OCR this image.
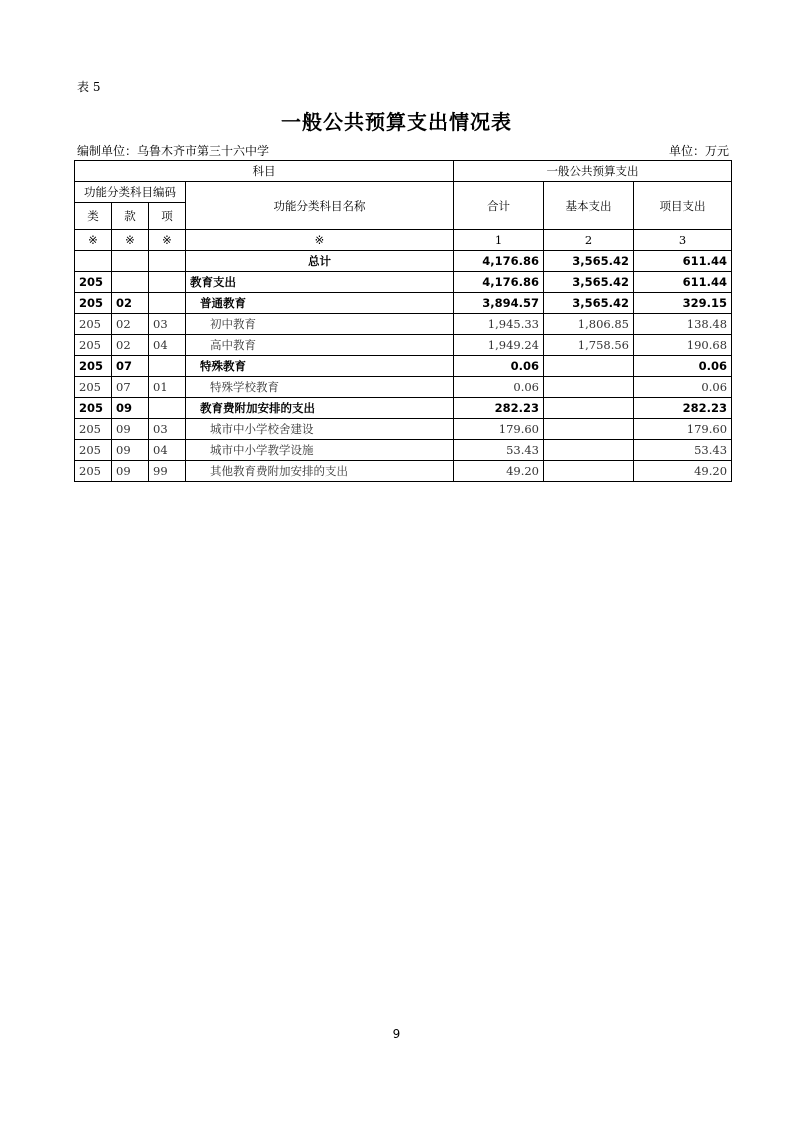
表 5
一般公共预算支出情况表
编制单位：乌鲁木齐市第三十六中学	单位：万元
科目				一般公共预算支出		
功能分类科目编码			功能分类科目名称	合计	基本支出	项目支出
类	款	项				
※	※	※	※	1	2	3
			总计	4,176.86	3,565.42	611.44
205			教育支出	4,176.86	3,565.42	611.44
205	02		普通教育	3,894.57	3,565.42	329.15
205	02	03	初中教育	1,945.33	1,806.85	138.48
205	02	04	高中教育	1,949.24	1,758.56	190.68
205	07		特殊教育	0.06		0.06
205	07	01	特殊学校教育	0.06		0.06
205	09		教育费附加安排的支出	282.23		282.23
205	09	03	城市中小学校舍建设	179.60		179.60
205	09	04	城市中小学教学设施	53.43		53.43
205	09	99	其他教育费附加安排的支出	49.20		49.20
9
